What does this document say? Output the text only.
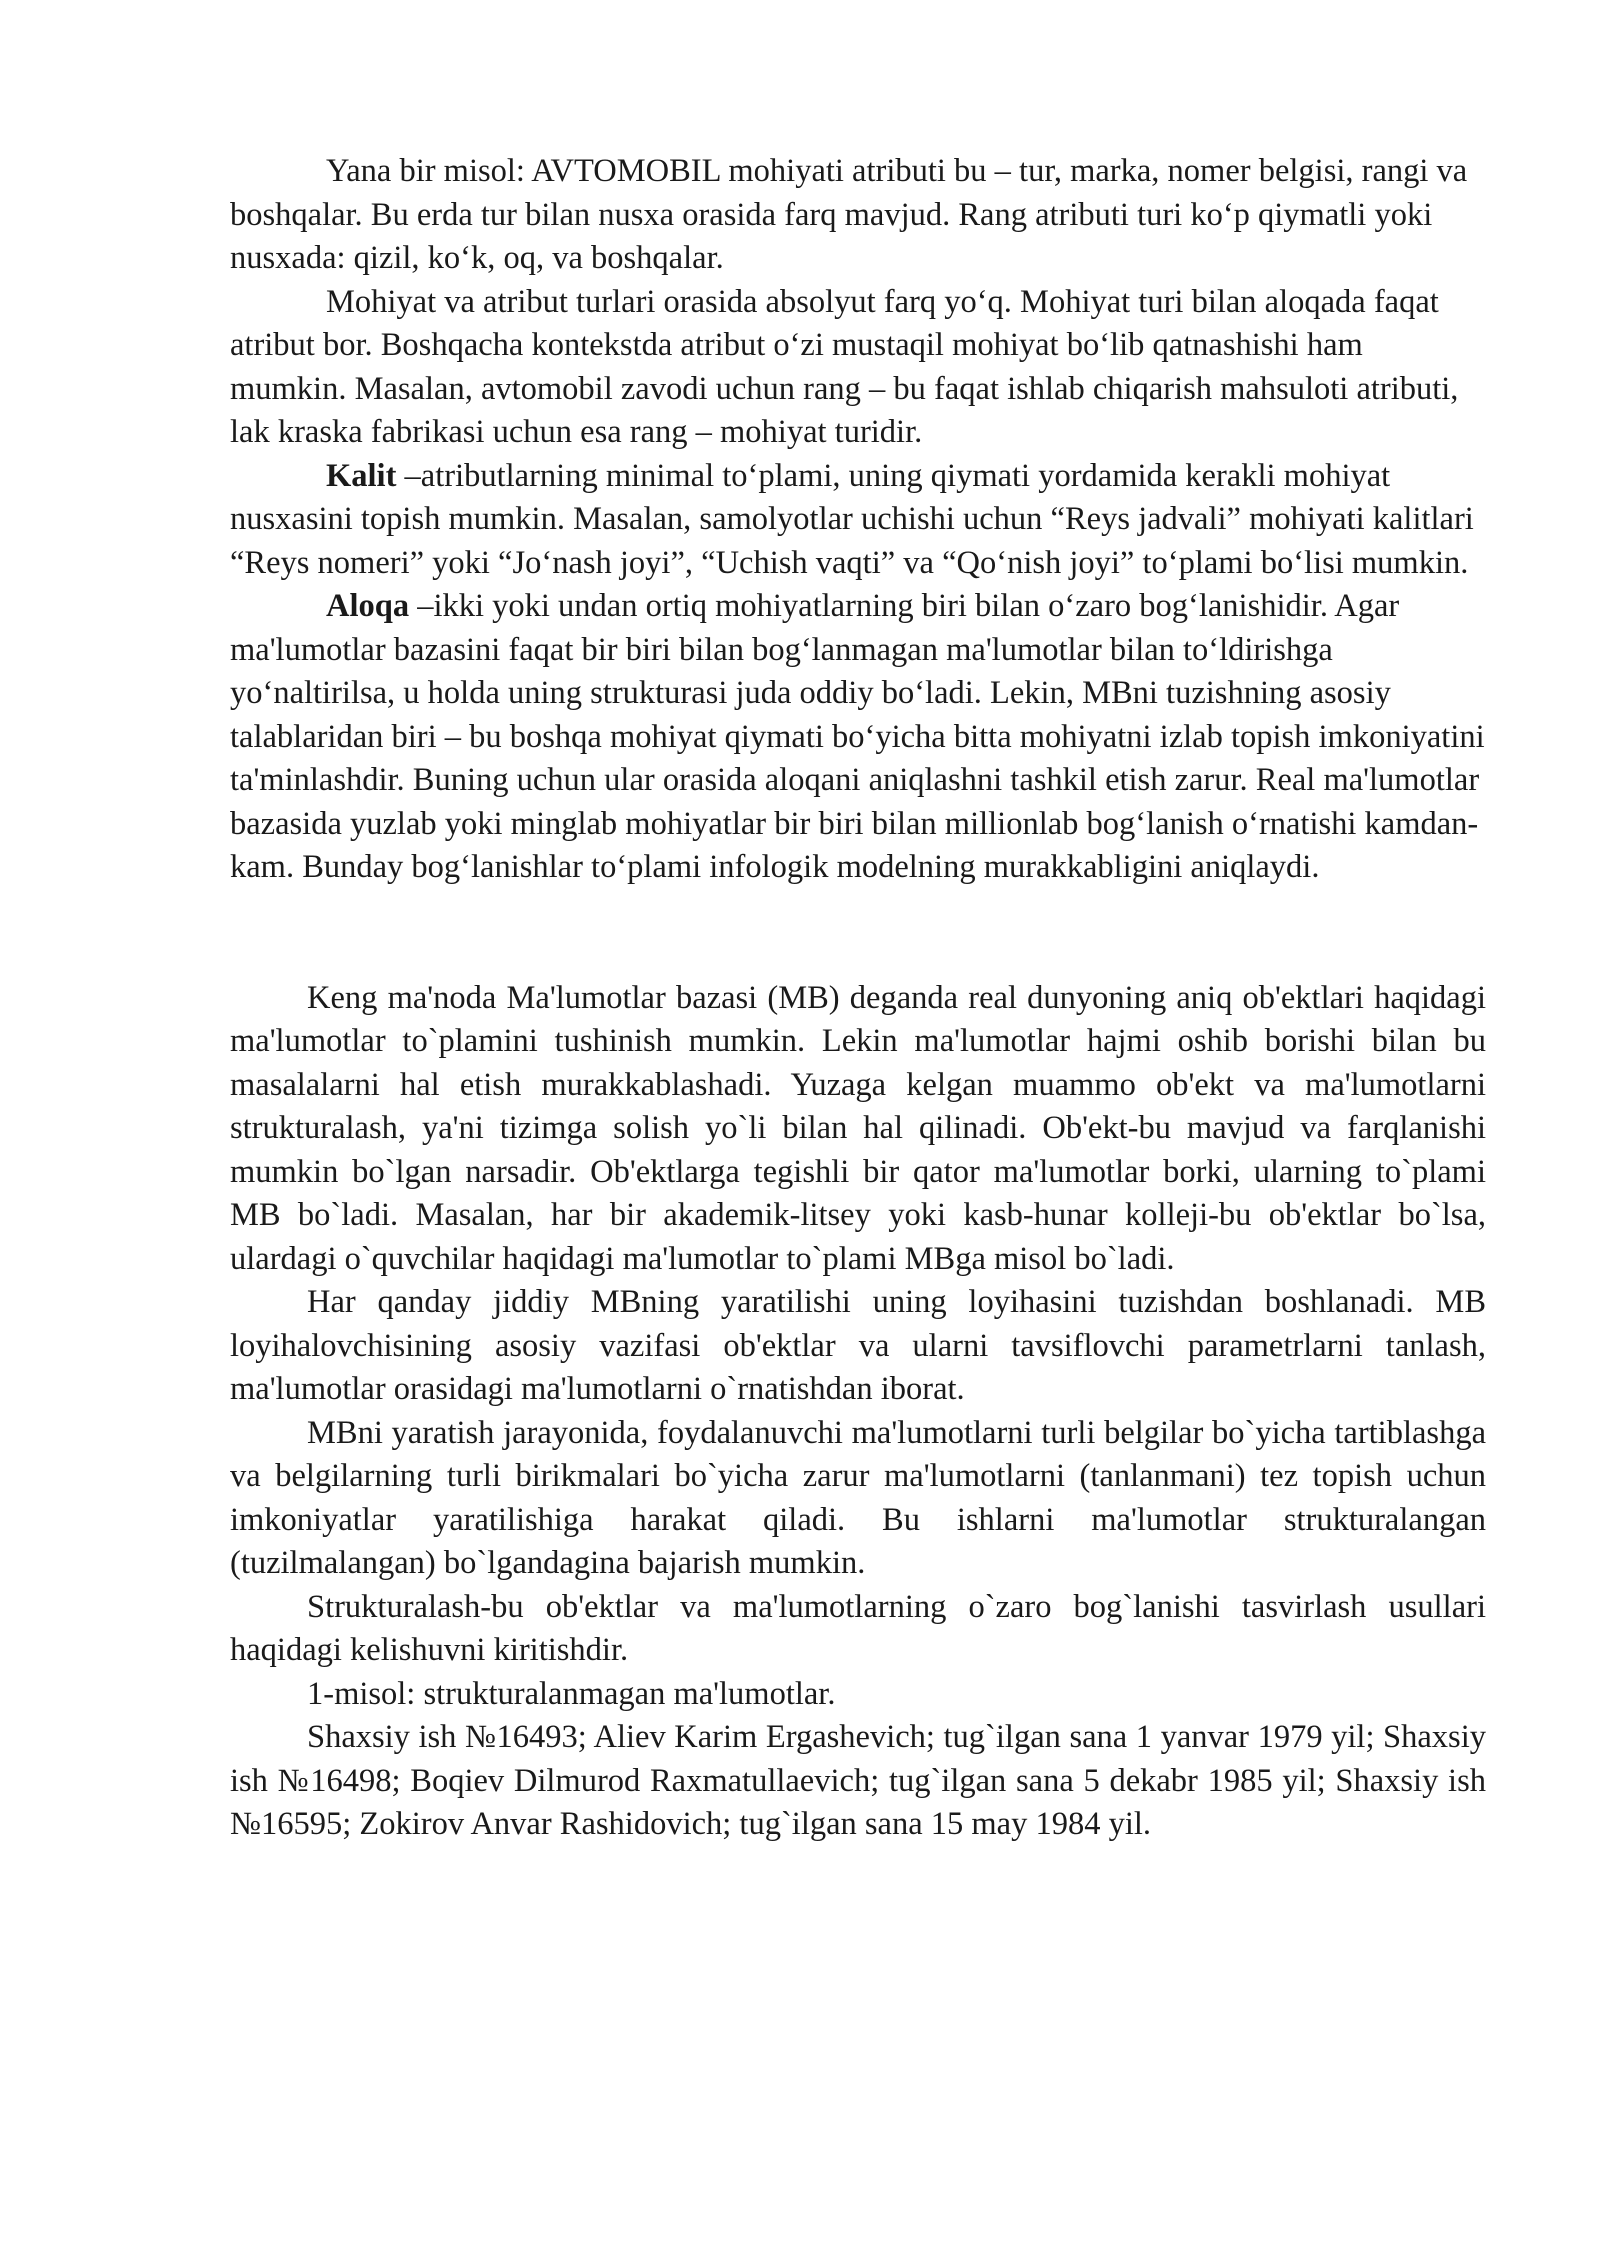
Yana bir misol: AVTOMOBIL mohiyati atributi bu – tur, marka, nomer belgisi, rangi va boshqalar. Bu erda tur bilan nusxa orasida farq mavjud. Rang atributi turi koʻp qiymatli yoki nusxada: qizil, koʻk, oq, va boshqalar.

Mohiyat va atribut turlari orasida absolyut farq yoʻq. Mohiyat turi bilan aloqada faqat atribut bor. Boshqacha kontekstda atribut oʻzi mustaqil mohiyat boʻlib qatnashishi ham mumkin. Masalan, avtomobil zavodi uchun rang – bu faqat ishlab chiqarish mahsuloti atributi, lak kraska fabrikasi uchun esa rang – mohiyat turidir.

Kalit –atributlarning minimal toʻplami, uning qiymati yordamida kerakli mohiyat nusxasini topish mumkin. Masalan, samolyotlar uchishi uchun “Reys jadvali” mohiyati kalitlari “Reys nomeri” yoki “Joʻnash joyi”, “Uchish vaqti” va “Qoʻnish joyi” toʻplami boʻlisi mumkin.

Aloqa –ikki yoki undan ortiq mohiyatlarning biri bilan oʻzaro bogʻlanishidir. Agar ma'lumotlar bazasini faqat bir biri bilan bogʻlanmagan ma'lumotlar bilan toʻldirishga yoʻnaltirilsa, u holda uning strukturasi juda oddiy boʻladi. Lekin, MBni tuzishning asosiy talablaridan biri – bu boshqa mohiyat qiymati boʻyicha bitta mohiyatni izlab topish imkoniyatini ta'minlashdir. Buning uchun ular orasida aloqani aniqlashni tashkil etish zarur. Real ma'lumotlar bazasida yuzlab yoki minglab mohiyatlar bir biri bilan millionlab bogʻlanish oʻrnatishi kamdan-kam. Bunday bogʻlanishlar toʻplami infologik modelning murakkabligini aniqlaydi.

Keng ma'noda Ma'lumotlar bazasi (MB) deganda real dunyoning aniq ob'ektlari haqidagi ma'lumotlar to`plamini tushinish mumkin. Lekin ma'lumotlar hajmi oshib borishi bilan bu masalalarni hal etish murakkablashadi. Yuzaga kelgan muammo ob'ekt va ma'lumotlarni strukturalash, ya'ni tizimga solish yo`li bilan hal qilinadi. Ob'ekt-bu mavjud va farqlanishi mumkin bo`lgan narsadir. Ob'ektlarga tegishli bir qator ma'lumotlar borki, ularning to`plami MB bo`ladi. Masalan, har bir akademik-litsey yoki kasb-hunar kolleji-bu ob'ektlar bo`lsa, ulardagi o`quvchilar haqidagi ma'lumotlar to`plami MBga misol bo`ladi.

Har qanday jiddiy MBning yaratilishi uning loyihasini tuzishdan boshlanadi. MB loyihalovchisining asosiy vazifasi ob'ektlar va ularni tavsiflovchi parametrlarni tanlash, ma'lumotlar orasidagi ma'lumotlarni o`rnatishdan iborat.

MBni yaratish jarayonida, foydalanuvchi ma'lumotlarni turli belgilar bo`yicha tartiblashga va belgilarning turli birikmalari bo`yicha zarur ma'lumotlarni (tanlanmani) tez topish uchun imkoniyatlar yaratilishiga harakat qiladi. Bu ishlarni ma'lumotlar strukturalangan (tuzilmalangan) bo`lgandagina bajarish mumkin.

Strukturalash-bu ob'ektlar va ma'lumotlarning o`zaro bog`lanishi tasvirlash usullari haqidagi kelishuvni kiritishdir.

1-misol: strukturalanmagan ma'lumotlar.

Shaxsiy ish №16493; Aliev Karim Ergashevich; tug`ilgan sana 1 yanvar 1979 yil; Shaxsiy ish №16498; Boqiev Dilmurod Raxmatullaevich; tug`ilgan sana 5 dekabr 1985 yil; Shaxsiy ish №16595; Zokirov Anvar Rashidovich; tug`ilgan sana 15 may 1984 yil.
